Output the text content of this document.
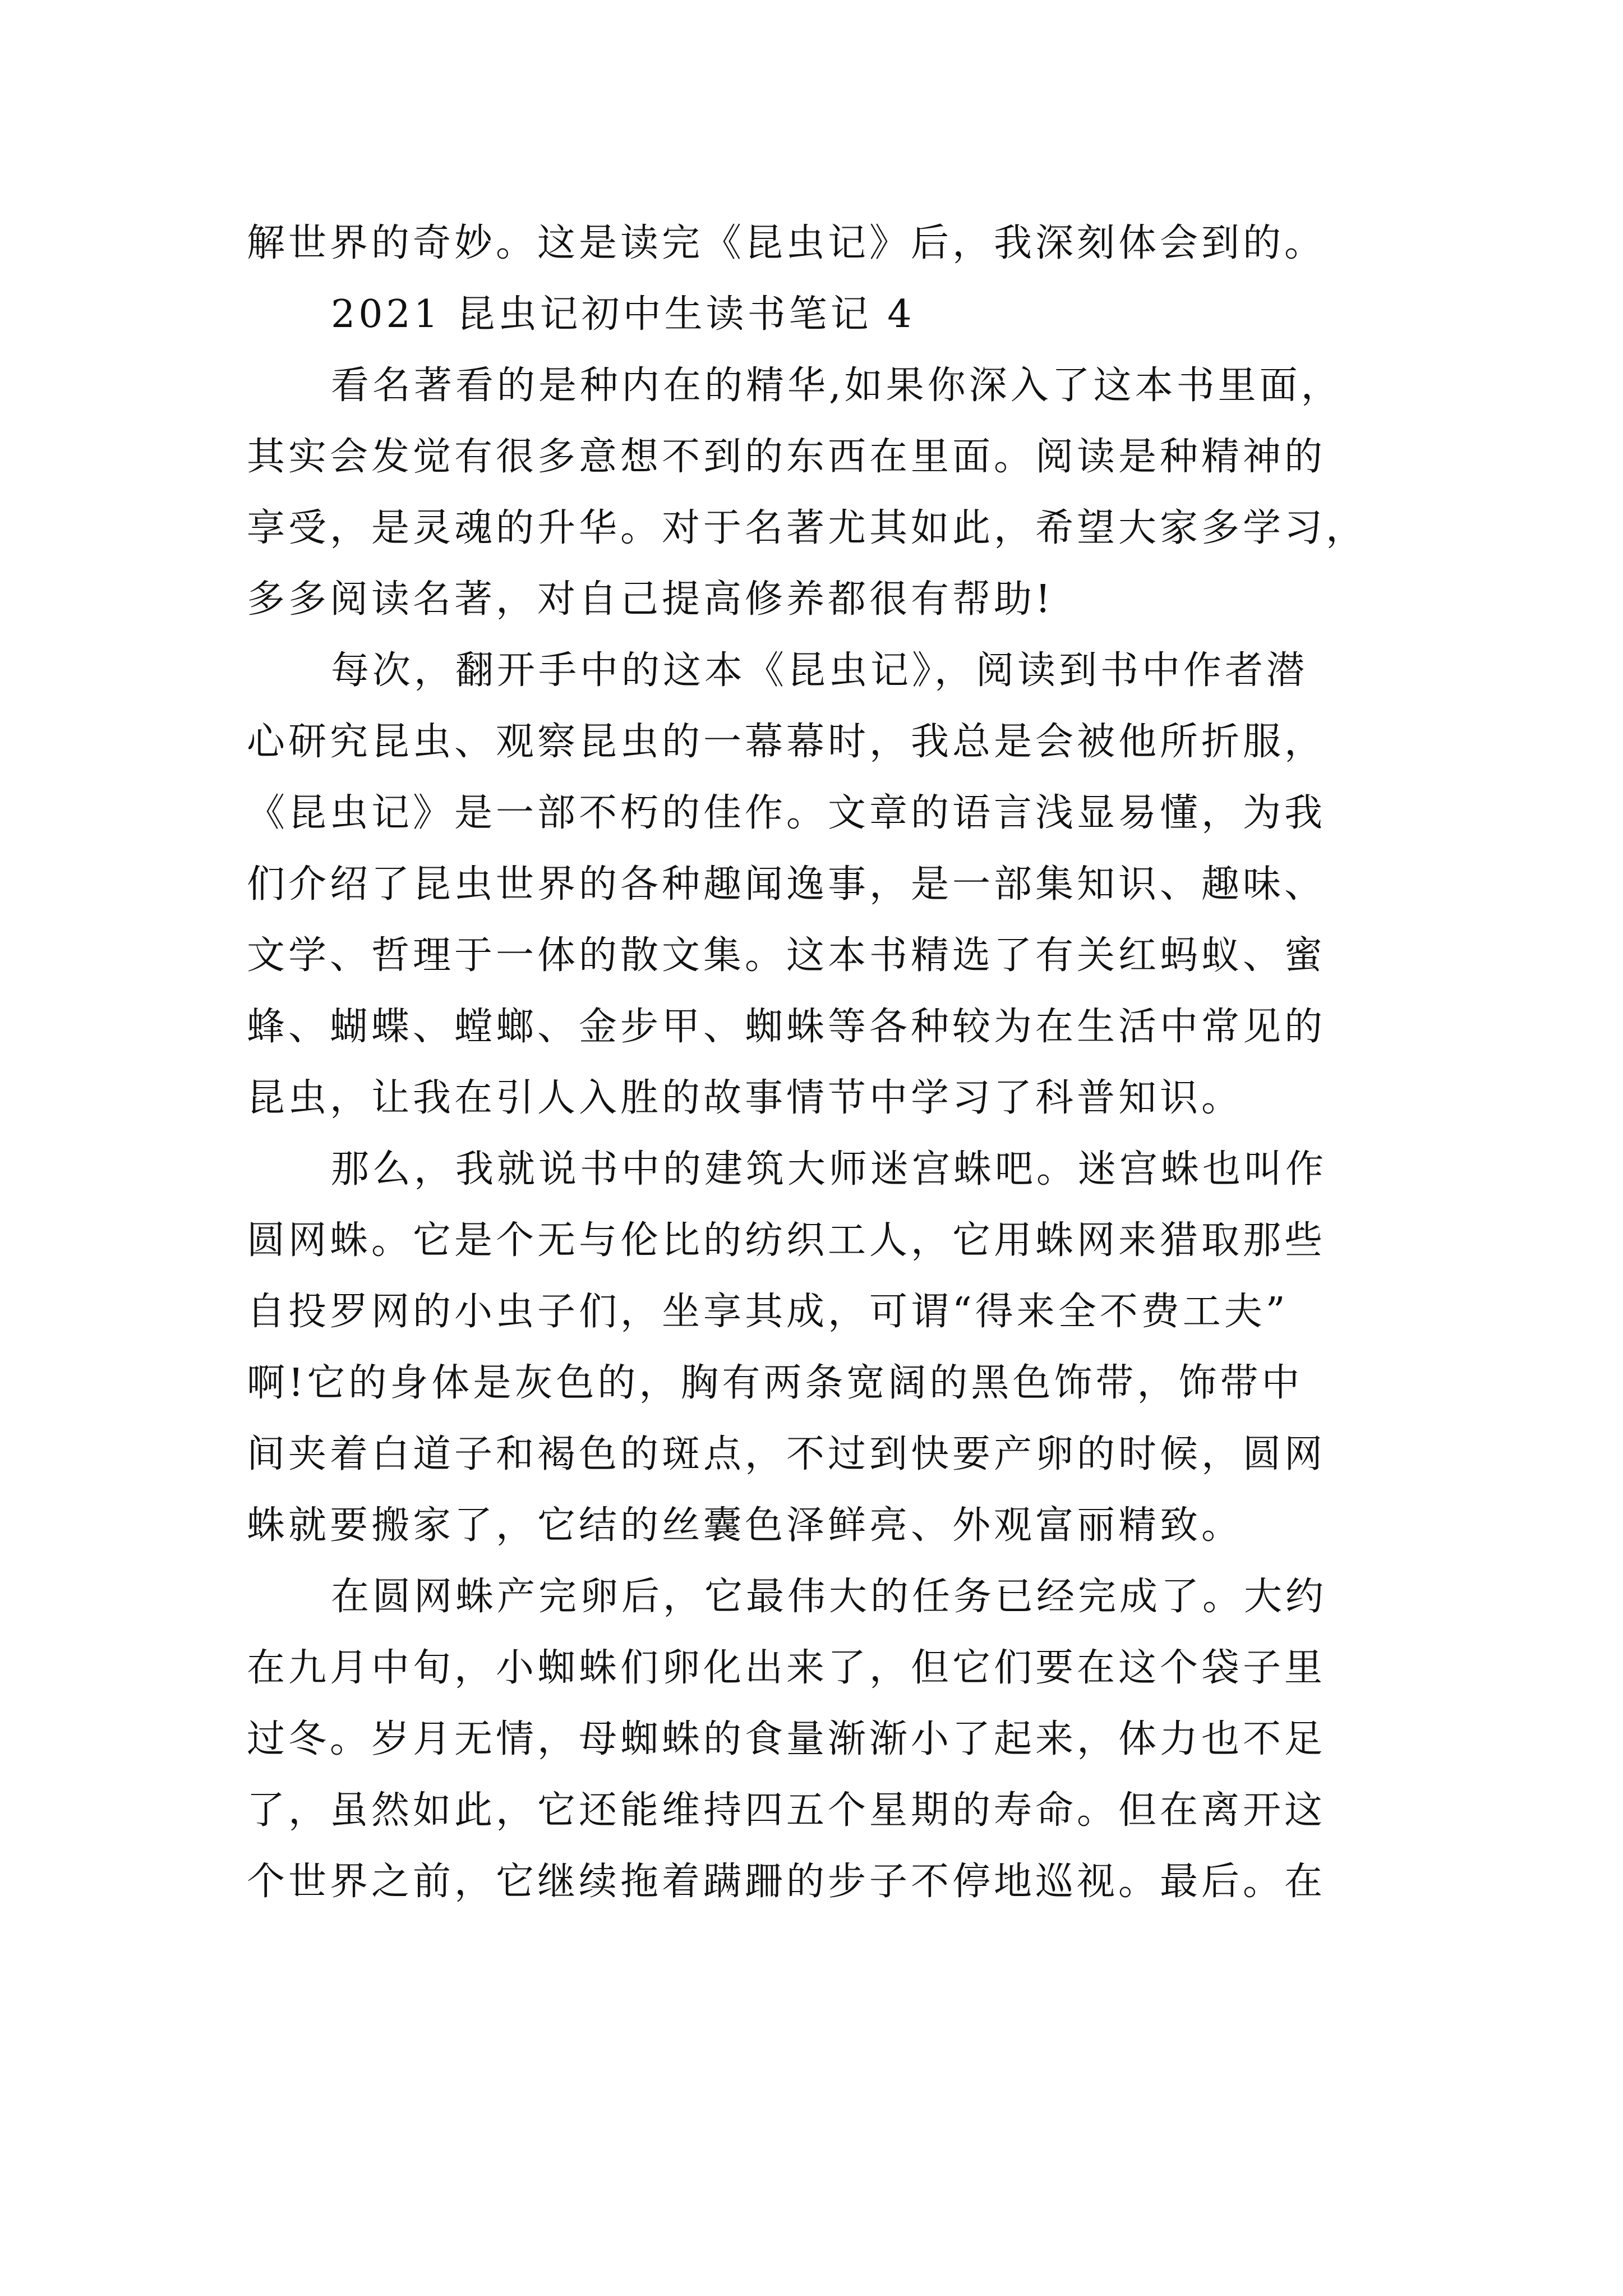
解世界的奇妙。这是读完《昆虫记》后，我深刻体会到的。
2021 昆虫记初中生读书笔记 4
看名著看的是种内在的精华,如果你深入了这本书里面，
其实会发觉有很多意想不到的东西在里面。阅读是种精神的
享受，是灵魂的升华。对于名著尤其如此，希望大家多学习，
多多阅读名著，对自己提高修养都很有帮助!
每次，翻开手中的这本《昆虫记》，阅读到书中作者潜
心研究昆虫、观察昆虫的一幕幕时，我总是会被他所折服，
《昆虫记》是一部不朽的佳作。文章的语言浅显易懂，为我
们介绍了昆虫世界的各种趣闻逸事，是一部集知识、趣味、
文学、哲理于一体的散文集。这本书精选了有关红蚂蚁、蜜
蜂、蝴蝶、螳螂、金步甲、蜘蛛等各种较为在生活中常见的
昆虫，让我在引人入胜的故事情节中学习了科普知识。
那么，我就说书中的建筑大师迷宫蛛吧。迷宫蛛也叫作
圆网蛛。它是个无与伦比的纺织工人，它用蛛网来猎取那些
自投罗网的小虫子们，坐享其成，可谓“得来全不费工夫”
啊!它的身体是灰色的，胸有两条宽阔的黑色饰带，饰带中
间夹着白道子和褐色的斑点，不过到快要产卵的时候，圆网
蛛就要搬家了，它结的丝囊色泽鲜亮、外观富丽精致。
在圆网蛛产完卵后，它最伟大的任务已经完成了。大约
在九月中旬，小蜘蛛们卵化出来了，但它们要在这个袋子里
过冬。岁月无情，母蜘蛛的食量渐渐小了起来，体力也不足
了，虽然如此，它还能维持四五个星期的寿命。但在离开这
个世界之前，它继续拖着蹒跚的步子不停地巡视。最后。在
